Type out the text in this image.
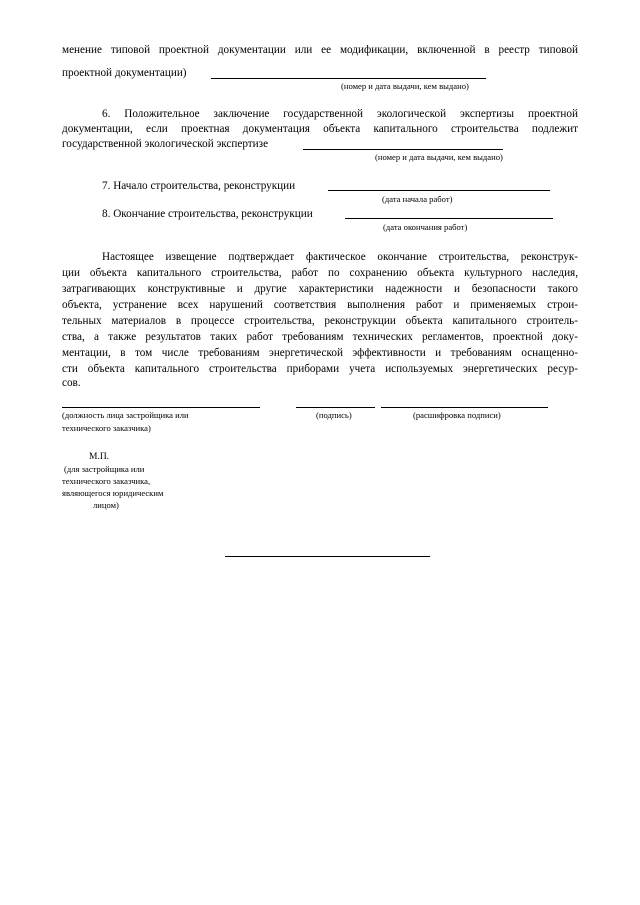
менение типовой проектной документации или ее модификации, включенной в реестр типовой
проектной документации)
(номер и дата выдачи, кем выдано)
6. Положительное заключение государственной экологической экспертизы проектной
документации, если проектная документация объекта капитального строительства подлежит
государственной экологической экспертизе
(номер и дата выдачи, кем выдано)
7. Начало строительства, реконструкции
(дата начала работ)
8. Окончание строительства, реконструкции
(дата окончания работ)
Настоящее извещение подтверждает фактическое окончание строительства, реконструк-
ции объекта капитального строительства, работ по сохранению объекта культурного наследия,
затрагивающих конструктивные и другие характеристики надежности и безопасности такого
объекта, устранение всех нарушений соответствия выполнения работ и применяемых строи-
тельных материалов в процессе строительства, реконструкции объекта капитального строитель-
ства, а также результатов таких работ требованиям технических регламентов, проектной доку-
ментации, в том числе требованиям энергетической эффективности и требованиям оснащенно-
сти объекта капитального строительства приборами учета используемых энергетических ресур-
сов.
(должность лица застройщика или
технического заказчика)
(подпись)	(расшифровка подписи)
М.П.
(для застройщика или
технического заказчика,
являющегося юридическим
лицом)
